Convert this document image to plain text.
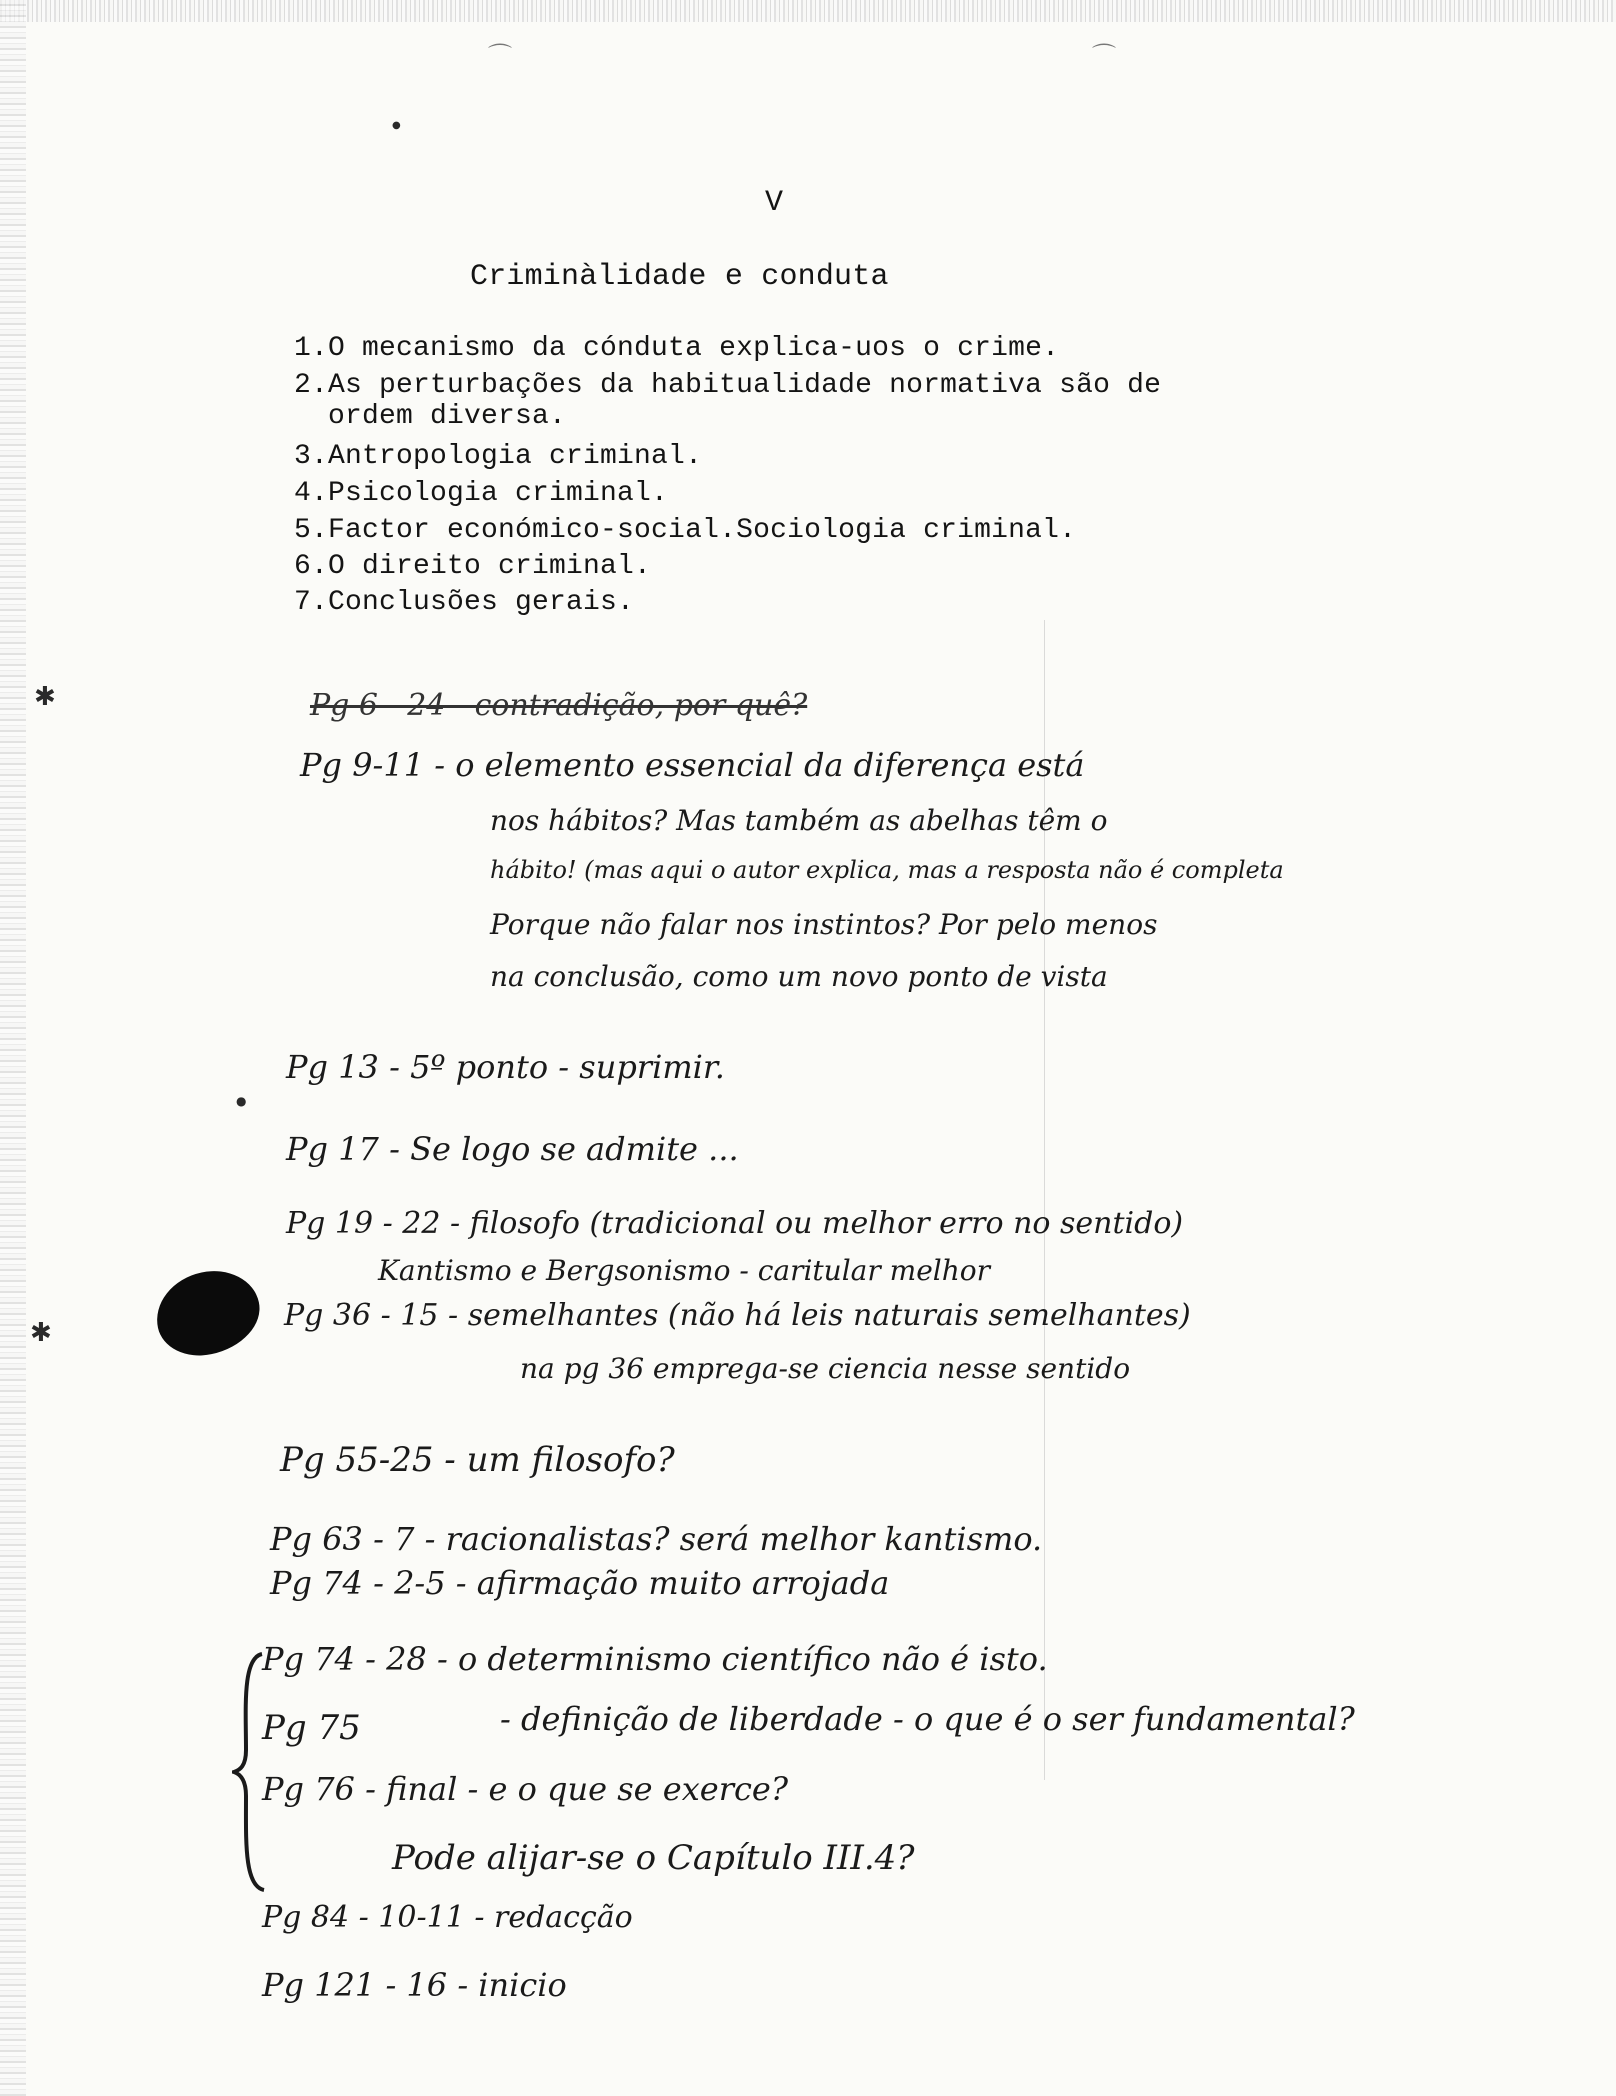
●
●
✱
✱
⌒	⌒
V
Criminàlidade e conduta
1.O mecanismo da cónduta explica-uos o crime.
2.As perturbações da habitualidade normativa são de
ordem diversa.
3.Antropologia criminal.
4.Psicologia criminal.
5.Factor económico-social.Sociologia criminal.
6.O direito criminal.
7.Conclusões gerais.
Pg 6 - 24 - contradição, por quê?
Pg 9-11 - o elemento essencial da diferença está
nos hábitos? Mas também as abelhas têm o
hábito! (mas aqui o autor explica, mas a resposta não é completa
Porque não falar nos instintos? Por pelo menos
na conclusão, como um novo ponto de vista
Pg 13 - 5º ponto - suprimir.
Pg 17 - Se logo se admite ...
Pg 19 - 22 - filosofo (tradicional ou melhor erro no sentido)
Kantismo e Bergsonismo - caritular melhor
Pg 36 - 15 - semelhantes (não há leis naturais semelhantes)
na pg 36 emprega-se ciencia nesse sentido
Pg 55-25 - um filosofo?
Pg 63 - 7 - racionalistas? será melhor kantismo.
Pg 74 - 2-5 - afirmação muito arrojada
Pg 74 - 28 - o determinismo científico não é isto.
Pg 75	- definição de liberdade - o que é o ser fundamental?
Pg 76 - final - e o que se exerce?
Pode alijar-se o Capítulo III.4?
Pg 84 - 10-11 - redacção
Pg 121 - 16 - inicio
